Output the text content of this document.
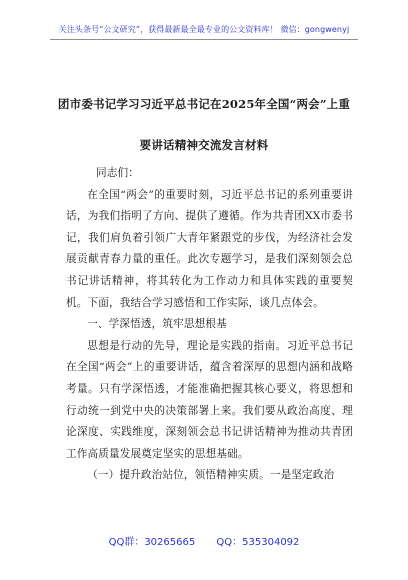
关注头条号“公文研究”，获得最新最全最专业的公文资料库！ 微信：gongwenyj
团市委书记学习习近平总书记在2025年全国“两会”上重
要讲话精神交流发言材料

同志们：

在全国“两会”的重要时刻，习近平总书记的系列重要讲话，为我们指明了方向、提供了遵循。作为共青团XX市委书记，我们肩负着引领广大青年紧跟党的步伐，为经济社会发展贡献青春力量的重任。此次专题学习，是我们深刻领会总书记讲话精神，将其转化为工作动力和具体实践的重要契机。下面，我结合学习感悟和工作实际，谈几点体会。

一、学深悟透，筑牢思想根基

思想是行动的先导，理论是实践的指南。习近平总书记在全国“两会”上的重要讲话，蕴含着深厚的思想内涵和战略考量。只有学深悟透，才能准确把握其核心要义，将思想和行动统一到党中央的决策部署上来。我们要从政治高度、理论深度、实践维度，深刻领会总书记讲话精神为推动共青团工作高质量发展奠定坚实的思想基础。

（一）提升政治站位，领悟精神实质。一是坚定政治

QQ群：30265665 QQ：535304092
